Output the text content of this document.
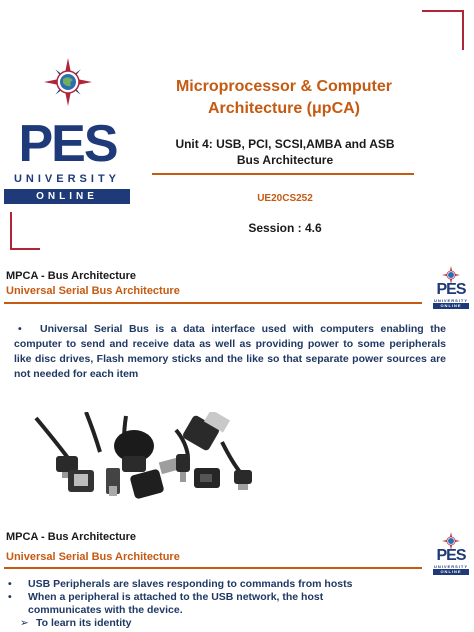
PES
UNIVERSITY
ONLINE
Microprocessor & Computer
Architecture (μpCA)
Unit 4: USB, PCI, SCSI,AMBA and ASB
Bus Architecture
UE20CS252
Session : 4.6
MPCA - Bus Architecture
Universal Serial Bus Architecture	PES
UNIVERSITY
ONLINE
• Universal Serial Bus is a data interface used with computers enabling the computer to send and receive data as well as providing power to some peripherals like disc drives, Flash memory sticks and the like so that separate power sources are not needed for each item
MPCA - Bus Architecture
Universal Serial Bus Architecture	PES
UNIVERSITY
ONLINE
• USB Peripherals are slaves responding to commands from hosts
• When a peripheral is attached to the USB network, the host
communicates with the device.
➢ To learn its identity
